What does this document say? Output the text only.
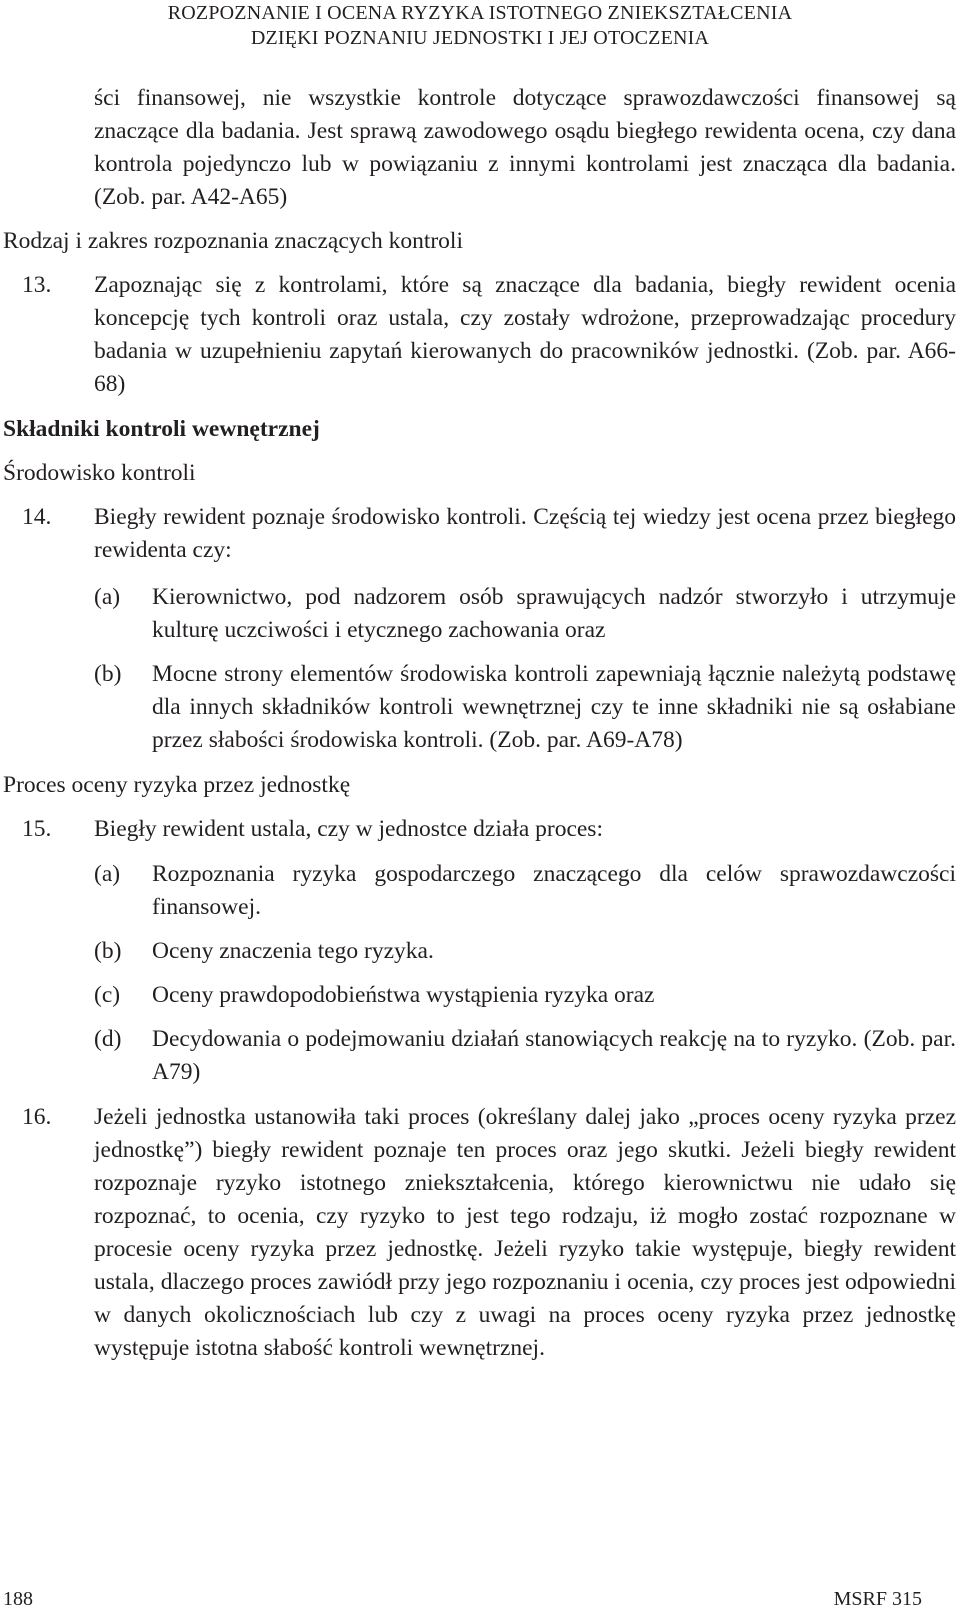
ROZPOZNANIE I OCENA RYZYKA ISTOTNEGO ZNIEKSZTAŁCENIA
DZIĘKI POZNANIU JEDNOSTKI I JEJ OTOCZENIA
ści finansowej, nie wszystkie kontrole dotyczące sprawozdawczości finansowej są znaczące dla badania. Jest sprawą zawodowego osądu biegłego rewidenta ocena, czy dana kontrola pojedynczo lub w powiązaniu z innymi kontrolami jest znacząca dla badania. (Zob. par. A42-A65)
Rodzaj i zakres rozpoznania znaczących kontroli
13.	Zapoznając się z kontrolami, które są znaczące dla badania, biegły rewident ocenia koncepcję tych kontroli oraz ustala, czy zostały wdrożone, przeprowadzając procedury badania w uzupełnieniu zapytań kierowanych do pracowników jednostki. (Zob. par. A66-68)
Składniki kontroli wewnętrznej
Środowisko kontroli
14.	Biegły rewident poznaje środowisko kontroli. Częścią tej wiedzy jest ocena przez biegłego rewidenta czy:
(a)	Kierownictwo, pod nadzorem osób sprawujących nadzór stworzyło i utrzymuje kulturę uczciwości i etycznego zachowania oraz
(b)	Mocne strony elementów środowiska kontroli zapewniają łącznie należytą podstawę dla innych składników kontroli wewnętrznej czy te inne składniki nie są osłabiane przez słabości środowiska kontroli. (Zob. par. A69-A78)
Proces oceny ryzyka przez jednostkę
15.	Biegły rewident ustala, czy w jednostce działa proces:
(a)	Rozpoznania ryzyka gospodarczego znaczącego dla celów sprawozdawczości finansowej.
(b)	Oceny znaczenia tego ryzyka.
(c)	Oceny prawdopodobieństwa wystąpienia ryzyka oraz
(d)	Decydowania o podejmowaniu działań stanowiących reakcję na to ryzyko. (Zob. par. A79)
16.	Jeżeli jednostka ustanowiła taki proces (określany dalej jako „proces oceny ryzyka przez jednostkę”) biegły rewident poznaje ten proces oraz jego skutki. Jeżeli biegły rewident rozpoznaje ryzyko istotnego zniekształcenia, którego kierownictwu nie udało się rozpoznać, to ocenia, czy ryzyko to jest tego rodzaju, iż mogło zostać rozpoznane w procesie oceny ryzyka przez jednostkę. Jeżeli ryzyko takie występuje, biegły rewident ustala, dlaczego proces zawiódł przy jego rozpoznaniu i ocenia, czy proces jest odpowiedni w danych okolicznościach lub czy z uwagi na proces oceny ryzyka przez jednostkę występuje istotna słabość kontroli wewnętrznej.
188	MSRF 315
